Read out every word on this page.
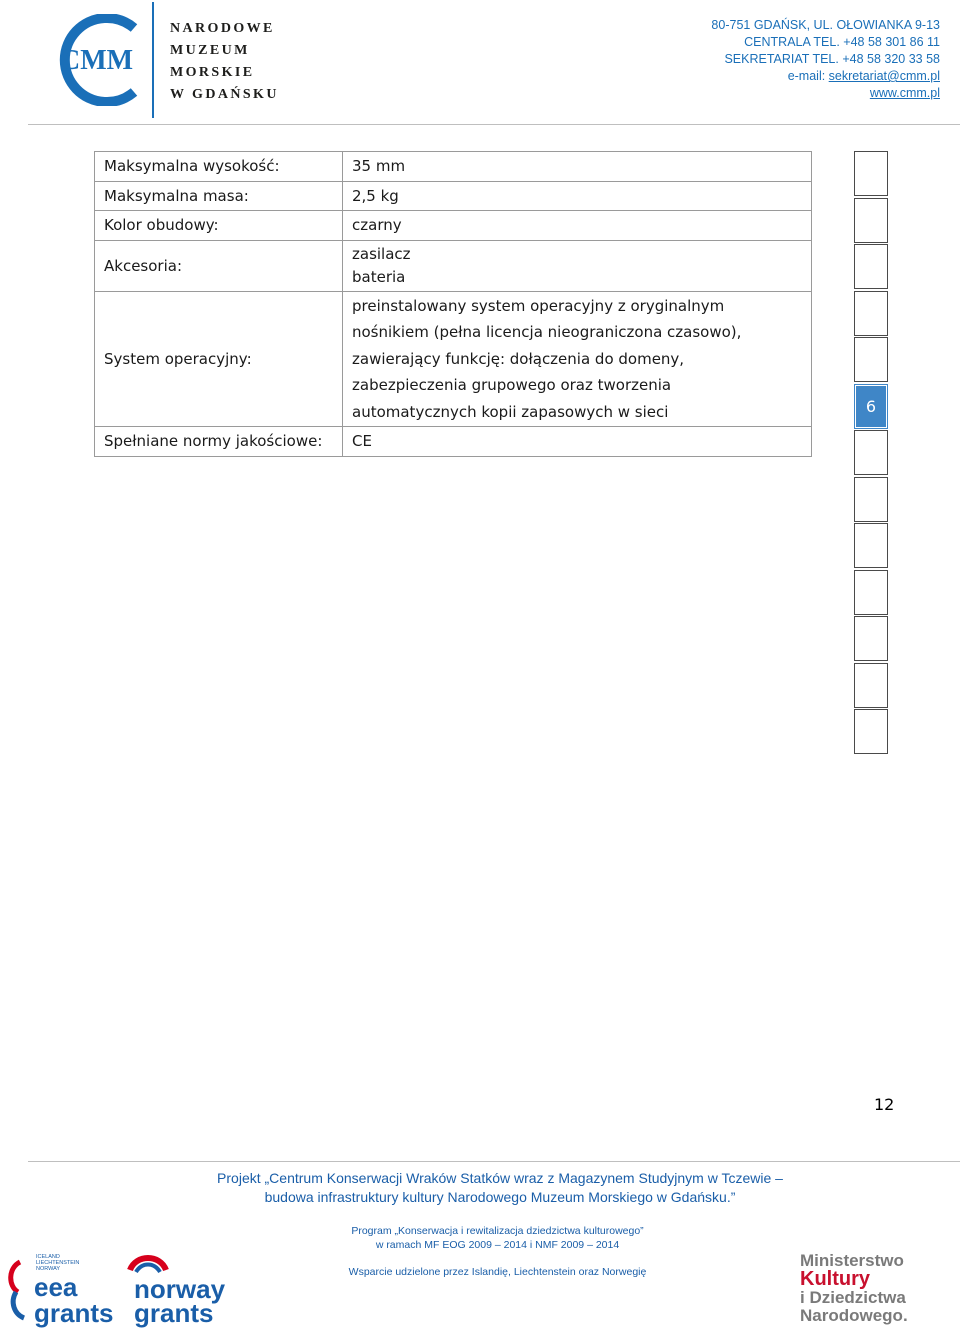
CMM
NARODOWE
MUZEUM
MORSKIE
W GDAŃSKU
80-751 GDAŃSK, UL. OŁOWIANKA 9-13
CENTRALA TEL. +48 58 301 86 11
SEKRETARIAT TEL. +48 58 320 33 58
e-mail: sekretariat@cmm.pl
www.cmm.pl
Maksymalna wysokość:	35 mm

Maksymalna masa:	2,5 kg

Kolor obudowy:	czarny

Akcesoria:	zasilacz
bateria

System operacyjny:	preinstalowany system operacyjny z oryginalnym
nośnikiem (pełna licencja nieograniczona czasowo),
zawierający funkcję: dołączenia do domeny,
zabezpieczenia grupowego oraz tworzenia
automatycznych kopii zapasowych w sieci

Spełniane normy jakościowe:	CE
6
12
Projekt „Centrum Konserwacji Wraków Statków wraz z Magazynem Studyjnym w Tczewie –
budowa infrastruktury kultury Narodowego Muzeum Morskiego w Gdańsku.”
Program „Konserwacja i rewitalizacja dziedzictwa kulturowego”
w ramach MF EOG 2009 – 2014 i NMF 2009 – 2014
Wsparcie udzielone przez Islandię, Liechtenstein oraz Norwegię
ICELAND
LIECHTENSTEIN
NORWAY
eea
grants
norway
grants
Ministerstwo
Kultury
i Dziedzictwa
Narodowego.
